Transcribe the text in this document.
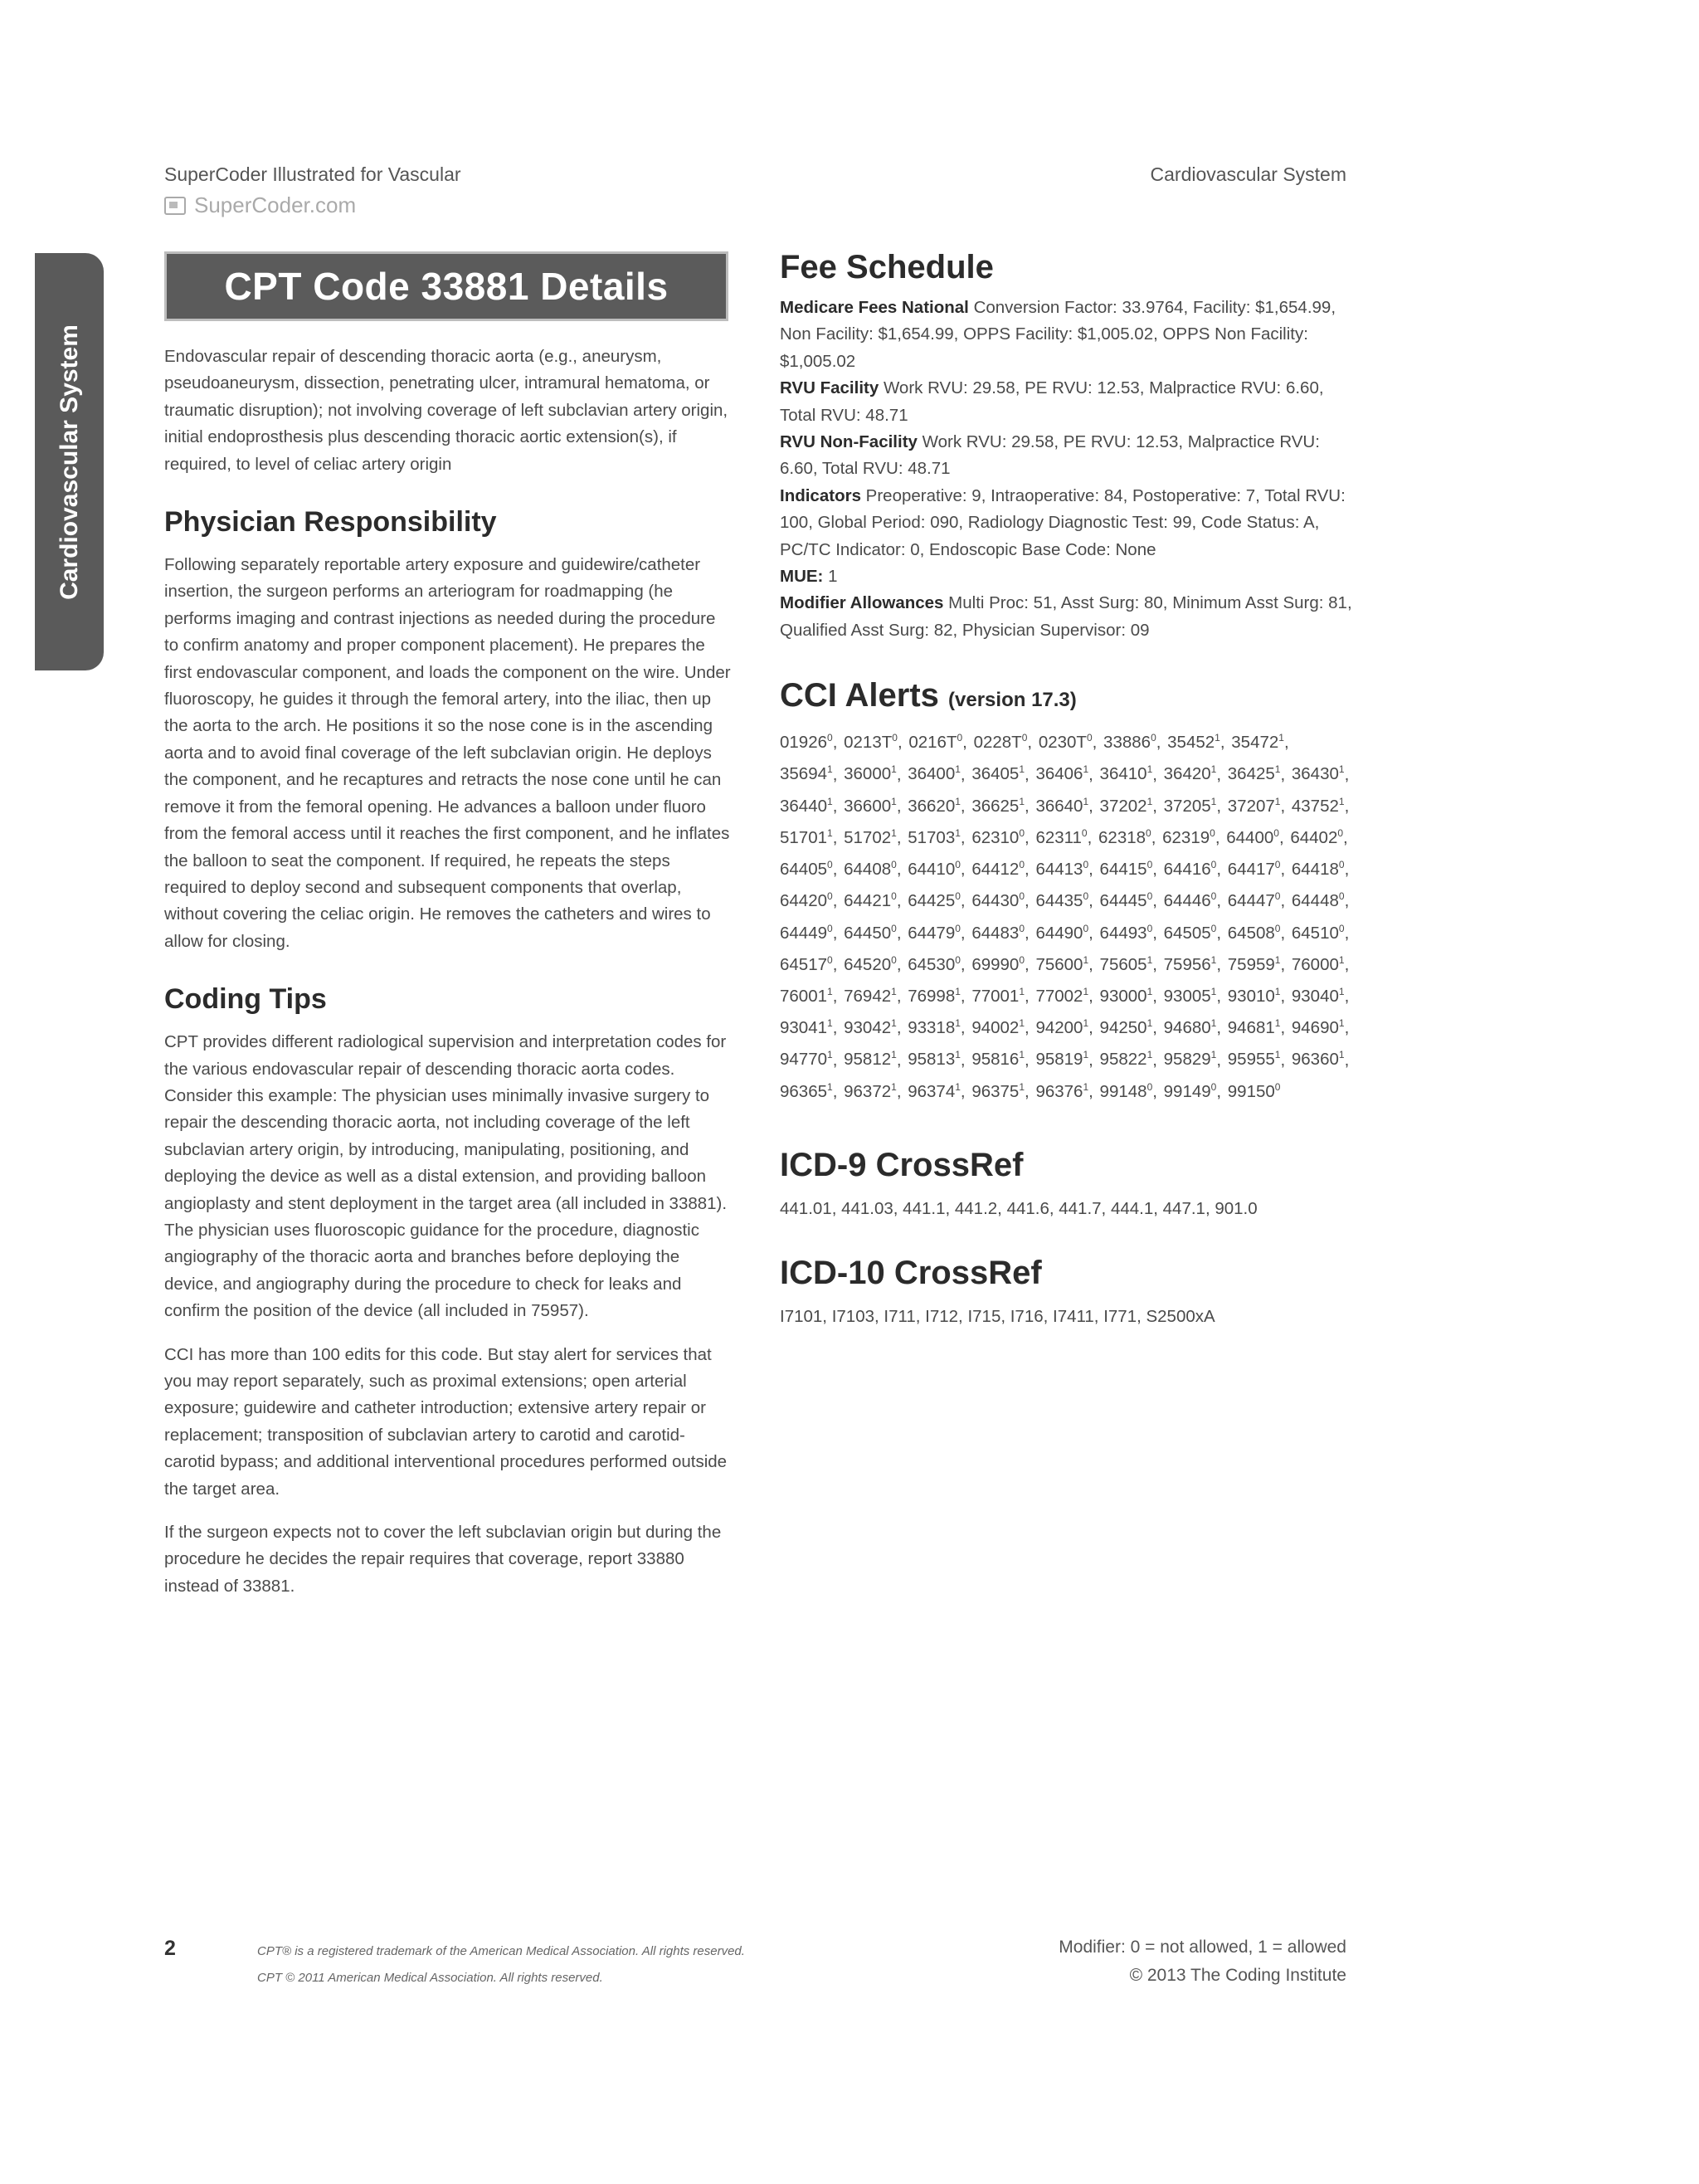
SuperCoder Illustrated for Vascular
SuperCoder.com
Cardiovascular System
Cardiovascular System
CPT Code 33881 Details

Endovascular repair of descending thoracic aorta (e.g., aneurysm, pseudoaneurysm, dissection, penetrating ulcer, intramural hematoma, or traumatic disruption); not involving coverage of left subclavian artery origin, initial endoprosthesis plus descending thoracic aortic extension(s), if required, to level of celiac artery origin

Physician Responsibility

Following separately reportable artery exposure and guidewire/catheter insertion, the surgeon performs an arteriogram for roadmapping (he performs imaging and contrast injections as needed during the procedure to confirm anatomy and proper component placement). He prepares the first endovascular component, and loads the component on the wire. Under fluoroscopy, he guides it through the femoral artery, into the iliac, then up the aorta to the arch. He positions it so the nose cone is in the ascending aorta and to avoid final coverage of the left subclavian origin. He deploys the component, and he recaptures and retracts the nose cone until he can remove it from the femoral opening. He advances a balloon under fluoro from the femoral access until it reaches the first component, and he inflates the balloon to seat the component. If required, he repeats the steps required to deploy second and subsequent components that overlap, without covering the celiac origin. He removes the catheters and wires to allow for closing.

Coding Tips

CPT provides different radiological supervision and interpretation codes for the various endovascular repair of descending thoracic aorta codes. Consider this example: The physician uses minimally invasive surgery to repair the descending thoracic aorta, not including coverage of the left subclavian artery origin, by introducing, manipulating, positioning, and deploying the device as well as a distal extension, and providing balloon angioplasty and stent deployment in the target area (all included in 33881). The physician uses fluoroscopic guidance for the procedure, diagnostic angiography of the thoracic aorta and branches before deploying the device, and angiography during the procedure to check for leaks and confirm the position of the device (all included in 75957).

CCI has more than 100 edits for this code. But stay alert for services that you may report separately, such as proximal extensions; open arterial exposure; guidewire and catheter introduction; extensive artery repair or replacement; transposition of subclavian artery to carotid and carotid-carotid bypass; and additional interventional procedures performed outside the target area.

If the surgeon expects not to cover the left subclavian origin but during the procedure he decides the repair requires that coverage, report 33880 instead of 33881.

Fee Schedule

Medicare Fees National Conversion Factor: 33.9764, Facility: $1,654.99, Non Facility: $1,654.99, OPPS Facility: $1,005.02, OPPS Non Facility: $1,005.02

RVU Facility Work RVU: 29.58, PE RVU: 12.53, Malpractice RVU: 6.60, Total RVU: 48.71

RVU Non-Facility Work RVU: 29.58, PE RVU: 12.53, Malpractice RVU: 6.60, Total RVU: 48.71

Indicators Preoperative: 9, Intraoperative: 84, Postoperative: 7, Total RVU: 100, Global Period: 090, Radiology Diagnostic Test: 99, Code Status: A, PC/TC Indicator: 0, Endoscopic Base Code: None

MUE: 1

Modifier Allowances Multi Proc: 51, Asst Surg: 80, Minimum Asst Surg: 81, Qualified Asst Surg: 82, Physician Supervisor: 09

CCI Alerts (version 17.3)

01926$^0$, $0213T^0$, $0216T^0$, $0228T^0$, $0230T^0$, 33886$^0$, 35452$^1$, 35472$^1$, 35694$^1$, 36000$^1$, 36400$^1$, 36405$^1$, 36406$^1$, 36410$^1$, 36420$^1$, 36425$^1$, 36430$^1$, 36440$^1$, 36600$^1$, 36620$^1$, 36625$^1$, 36640$^1$, 37202$^1$, 37205$^1$, 37207$^1$, 43752$^1$, 51701$^1$, 51702$^1$, 51703$^1$, 62310$^0$, 62311$^0$, 62318$^0$, 62319$^0$, 64400$^0$, 64402$^0$, 64405$^0$, 64408$^0$, 64410$^0$, 64412$^0$, 64413$^0$, 64415$^0$, 64416$^0$, 64417$^0$, 64418$^0$, 64420$^0$, 64421$^0$, 64425$^0$, 64430$^0$, 64435$^0$, 64445$^0$, 64446$^0$, 64447$^0$, 64448$^0$, 64449$^0$, 64450$^0$, 64479$^0$, 64483$^0$, 64490$^0$, 64493$^0$, 64505$^0$, 64508$^0$, 64510$^0$, 64517$^0$, 64520$^0$, 64530$^0$, 69990$^0$, 75600$^1$, 75605$^1$, 75956$^1$, 75959$^1$, 76000$^1$, 76001$^1$, 76942$^1$, 76998$^1$, 77001$^1$, 77002$^1$, 93000$^1$, 93005$^1$, 93010$^1$, 93040$^1$, 93041$^1$, 93042$^1$, 93318$^1$, 94002$^1$, 94200$^1$, 94250$^1$, 94680$^1$, 94681$^1$, 94690$^1$, 94770$^1$, 95812$^1$, 95813$^1$, 95816$^1$, 95819$^1$, 95822$^1$, 95829$^1$, 95955$^1$, 96360$^1$, 96365$^1$, 96372$^1$, 96374$^1$, 96375$^1$, 96376$^1$, 99148$^0$, 99149$^0$, 99150$^0$

ICD-9 CrossRef

441.01, 441.03, 441.1, 441.2, 441.6, 441.7, 444.1, 447.1, 901.0

ICD-10 CrossRef

I7101, I7103, I711, I712, I715, I716, I7411, I771, S2500xA

2	CPT® is a registered trademark of the American Medical Association. All rights reserved.
CPT © 2011 American Medical Association. All rights reserved.
Modifier: 0 = not allowed, 1 = allowed
© 2013 The Coding Institute
